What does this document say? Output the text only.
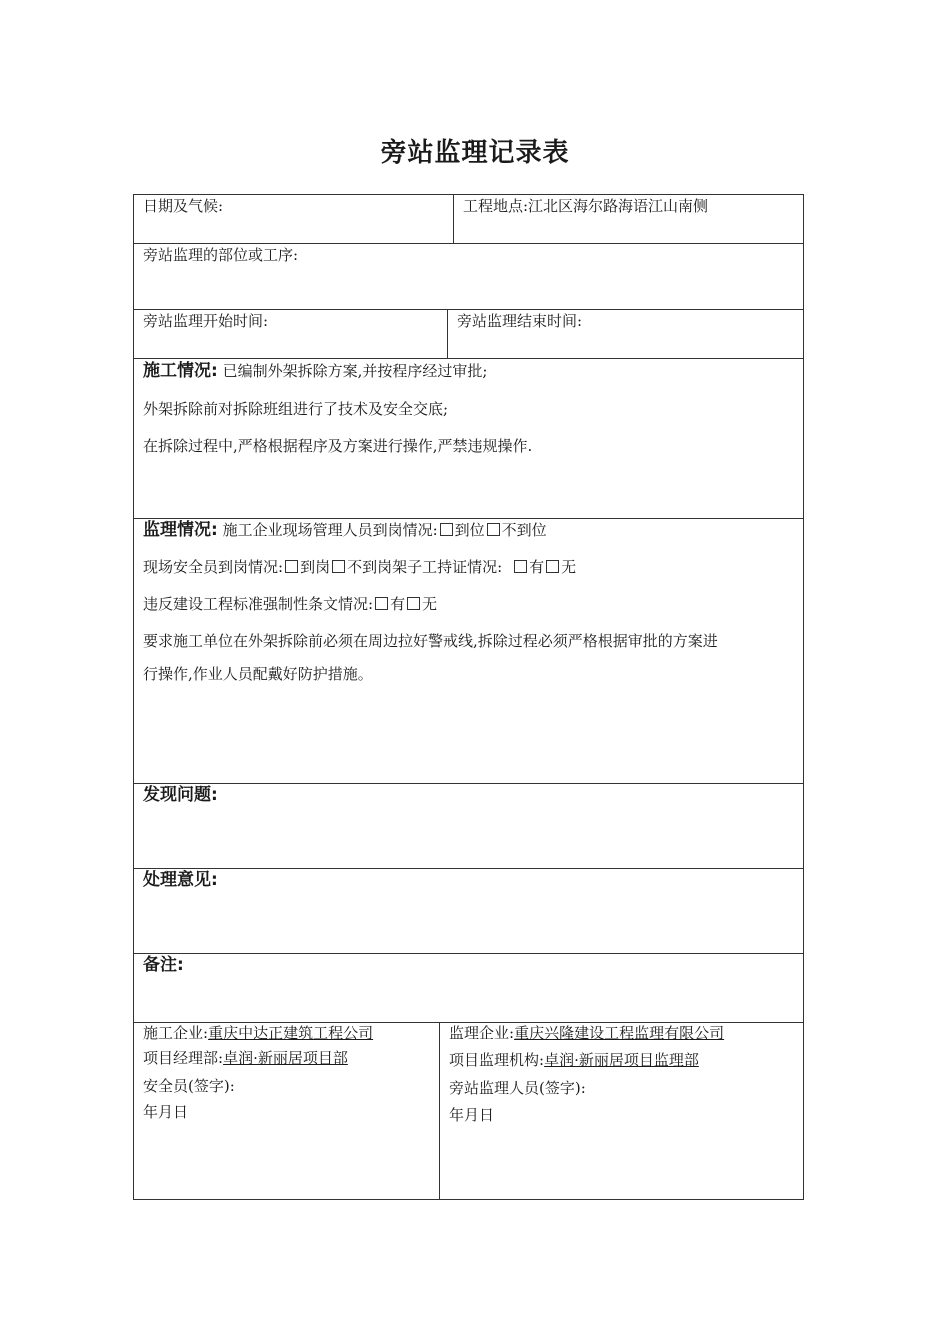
旁站监理记录表
日期及气候:	工程地点:江北区海尔路海语江山南侧
旁站监理的部位或工序:
旁站监理开始时间:	旁站监理结束时间:
施工情况: 已编制外架拆除方案,并按程序经过审批;
外架拆除前对拆除班组进行了技术及安全交底;
在拆除过程中,严格根据程序及方案进行操作,严禁违规操作.
监理情况: 施工企业现场管理人员到岗情况: 到位 不到位
现场安全员到岗情况: 到岗 不到岗架子工持证情况: 有 无
违反建设工程标准强制性条文情况: 有 无
要求施工单位在外架拆除前必须在周边拉好警戒线,拆除过程必须严格根据审批的方案进
行操作,作业人员配戴好防护措施。
发现问题:
处理意见:
备注:
施工企业:重庆中达正建筑工程公司
项目经理部:卓润·新丽居项目部
安全员(签字):
年月日
监理企业:重庆兴隆建设工程监理有限公司
项目监理机构:卓润·新丽居项目监理部
旁站监理人员(签字):
年月日
